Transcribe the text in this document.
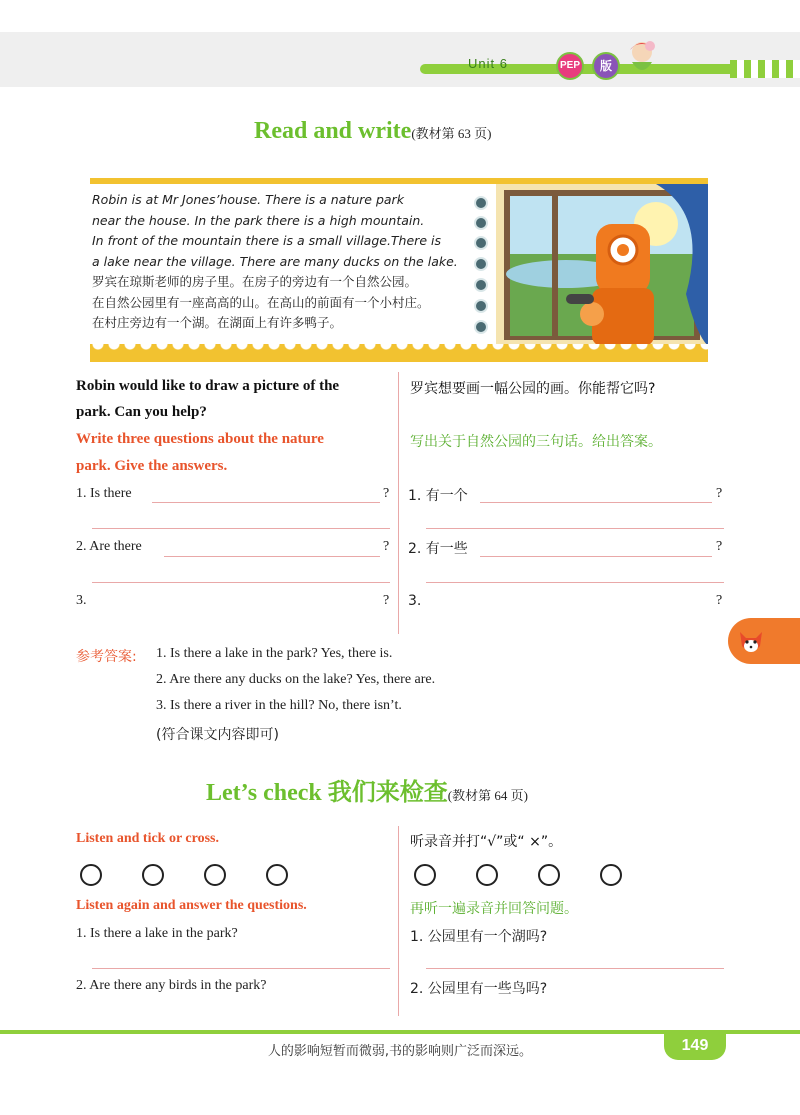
Unit 6	PEP	版
Read and write(教材第 63 页)
Robin is at Mr Jones’house. There is a nature park
near the house. In the park there is a high mountain.
In front of the mountain there is a small village.There is
a lake near the village. There are many ducks on the lake.
罗宾在琼斯老师的房子里。在房子的旁边有一个自然公园。
在自然公园里有一座高高的山。在高山的前面有一个小村庄。
在村庄旁边有一个湖。在湖面上有许多鸭子。
Robin would like to draw a picture of the
park. Can you help?
Write three questions about the nature
park. Give the answers.
罗宾想要画一幅公园的画。你能帮它吗?
写出关于自然公园的三句话。给出答案。
1. Is there	?
2. Are there	?
3.	?
1. 有一个	?
2. 有一些	?
3.	?
参考答案: 1. Is there a lake in the park? Yes, there is.
2. Are there any ducks on the lake? Yes, there are.
3. Is there a river in the hill? No, there isn’t.
(符合课文内容即可)
Let’s check 我们来检查(教材第 64 页)
Listen and tick or cross.	听录音并打“√”或“ ×”。
Listen again and answer the questions.	再听一遍录音并回答问题。
1. Is there a lake in the park?
2. Are there any birds in the park?
1. 公园里有一个湖吗?
2. 公园里有一些鸟吗?
人的影响短暂而微弱,书的影响则广泛而深远。	149
